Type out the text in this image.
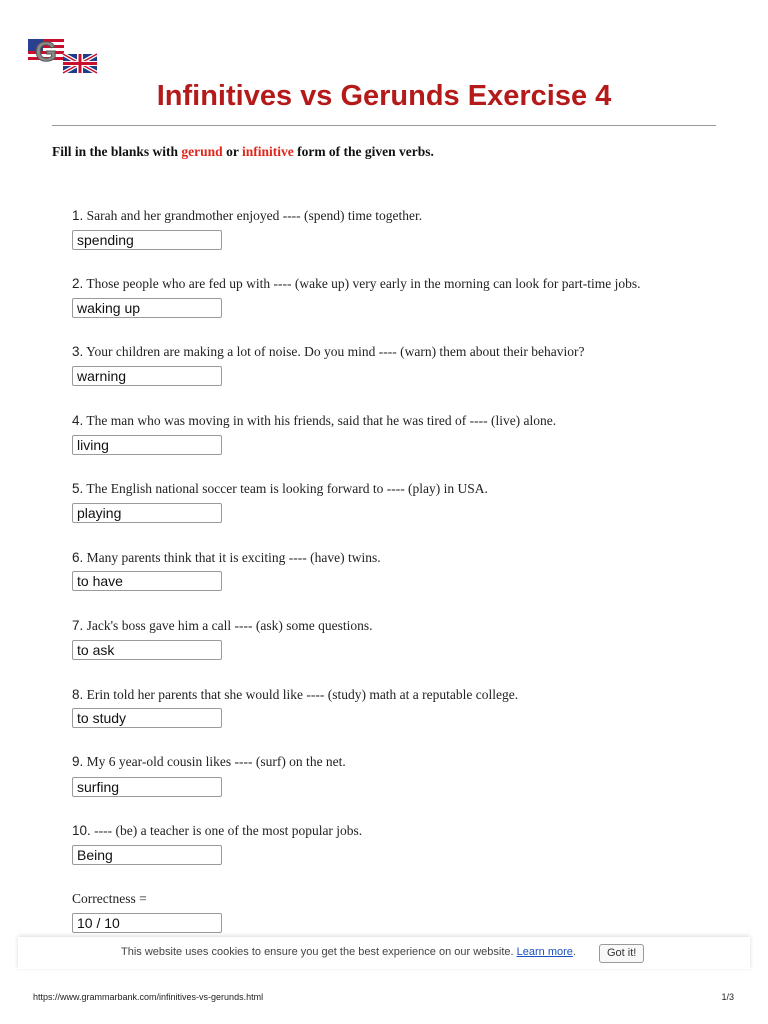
G
Infinitives vs Gerunds Exercise 4
Fill in the blanks with gerund or infinitive form of the given verbs.
1. Sarah and her grandmother enjoyed ---- (spend) time together.
spending
2. Those people who are fed up with ---- (wake up) very early in the morning can look for part-time jobs.
waking up
3. Your children are making a lot of noise. Do you mind ---- (warn) them about their behavior?
warning
4. The man who was moving in with his friends, said that he was tired of ---- (live) alone.
living
5. The English national soccer team is looking forward to ---- (play) in USA.
playing
6. Many parents think that it is exciting ---- (have) twins.
to have
7. Jack's boss gave him a call ---- (ask) some questions.
to ask
8. Erin told her parents that she would like ---- (study) math at a reputable college.
to study
9. My 6 year-old cousin likes ---- (surf) on the net.
surfing
10. ---- (be) a teacher is one of the most popular jobs.
Being
Correctness =
10 / 10
This website uses cookies to ensure you get the best experience on our website. Learn more.	Got it!
https://www.grammarbank.com/infinitives-vs-gerunds.html	1/3
